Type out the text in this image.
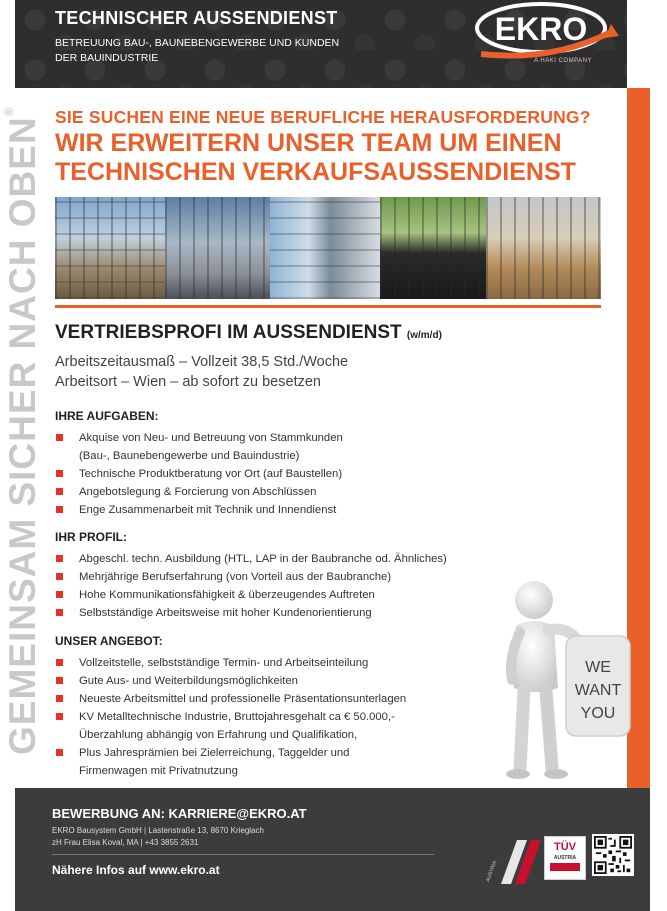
TECHNISCHER AUSSENDIENST
BETREUUNG BAU-, BAUNEBENGEWERBE UND KUNDEN DER BAUINDUSTRIE
EKRO
A HAKI COMPANY
GEMEINSAM SICHER NACH OBEN®	SIE SUCHEN EINE NEUE BERUFLICHE HERAUSFORDERUNG?
WIR ERWEITERN UNSER TEAM UM EINEN TECHNISCHEN VERKAUFSAUSSENDIENST
VERTRIEBSPROFI IM AUSSENDIENST (w/m/d)
Arbeitszeitausmaß – Vollzeit 38,5 Std./Woche
Arbeitsort – Wien – ab sofort zu besetzen
IHRE AUFGABEN:
Akquise von Neu- und Betreuung von Stammkunden
(Bau-, Baunebengewerbe und Bauindustrie)
Technische Produktberatung vor Ort (auf Baustellen)
Angebotslegung & Forcierung von Abschlüssen
Enge Zusammenarbeit mit Technik und Innendienst
IHR PROFIL:
Abgeschl. techn. Ausbildung (HTL, LAP in der Baubranche od. Ähnliches)
Mehrjährige Berufserfahrung (von Vorteil aus der Baubranche)
Hohe Kommunikationsfähigkeit & überzeugendes Auftreten
Selbstständige Arbeitsweise mit hoher Kundenorientierung
UNSER ANGEBOT:
Vollzeitstelle, selbstständige Termin- und Arbeitseinteilung
Gute Aus- und Weiterbildungsmöglichkeiten
Neueste Arbeitsmittel und professionelle Präsentationsunterlagen
KV Metalltechnische Industrie, Bruttojahresgehalt ca € 50.000,-
Überzahlung abhängig von Erfahrung und Qualifikation,
Plus Jahresprämien bei Zielerreichung, Taggelder und
Firmenwagen mit Privatnutzung
WE
WANT
YOU
BEWERBUNG AN: KARRIERE@EKRO.AT
EKRO Bausystem GmbH | Lastenstraße 13, 8670 Krieglach
zH Frau Elisa Koval, MA | +43 3855 2631
Nähere Infos auf www.ekro.at	AUSTRIA
TÜV
AUSTRIA
